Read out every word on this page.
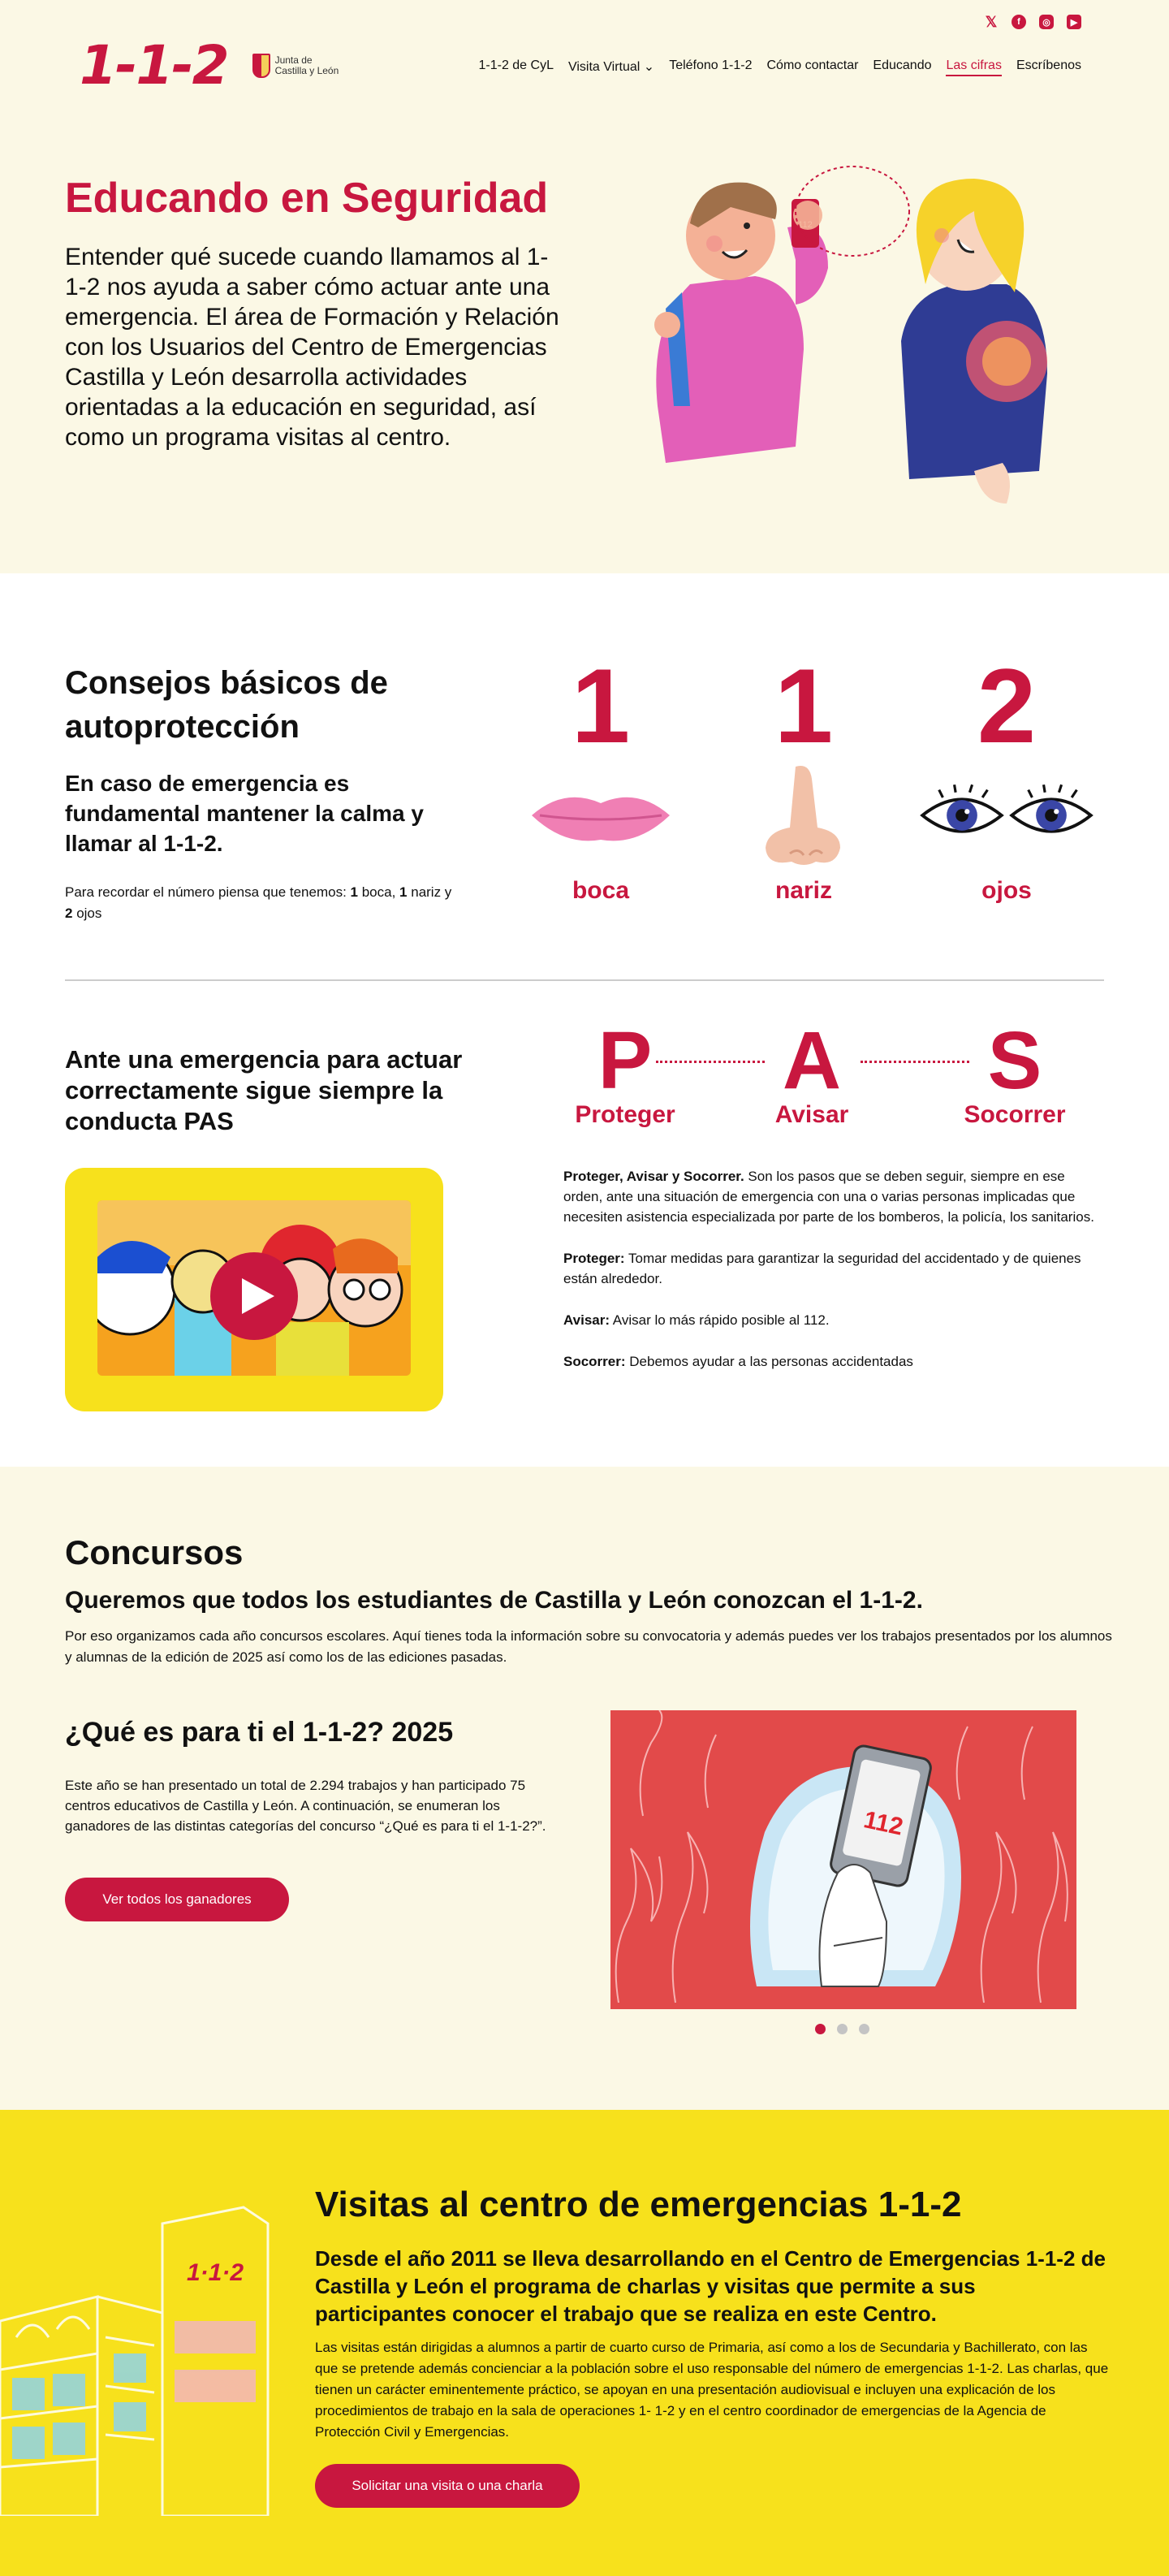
1-1-2	Junta de
Castilla y León
𝕏	f	◎	▶
1-1-2 de CyL Visita Virtual ⌄ Teléfono 1-1-2 Cómo contactar Educando Las cifras Escríbenos
Educando en Seguridad

Entender qué sucede cuando llamamos al 1-1-2 nos ayuda a saber cómo actuar ante una emergencia. El área de Formación y Relación con los Usuarios del Centro de Emergencias Castilla y León desarrolla actividades orientadas a la educación en seguridad, así como un programa visitas al centro.

Consejos básicos de autoprotección
En caso de emergencia es fundamental mantener la calma y llamar al 1-1-2.

Para recordar el número piensa que tenemos: 1 boca, 1 nariz y 2 ojos

1
boca
1
nariz
2
ojos
Ante una emergencia para actuar correctamente sigue siempre la conducta PAS
P
Proteger
A
Avisar
S
Socorrer

Proteger, Avisar y Socorrer. Son los pasos que se deben seguir, siempre en ese orden, ante una situación de emergencia con una o varias personas implicadas que necesiten asistencia especializada por parte de los bomberos, la policía, los sanitarios.

Proteger: Tomar medidas para garantizar la seguridad del accidentado y de quienes están alrededor.

Avisar: Avisar lo más rápido posible al 112.

Socorrer: Debemos ayudar a las personas accidentadas

Concursos
Queremos que todos los estudiantes de Castilla y León conozcan el 1-1-2.

Por eso organizamos cada año concursos escolares. Aquí tienes toda la información sobre su convocatoria y además puedes ver los trabajos presentados por los alumnos y alumnas de la edición de 2025 así como los de las ediciones pasadas.

¿Qué es para ti el 1-1-2? 2025

Este año se han presentado un total de 2.294 trabajos y han participado 75 centros educativos de Castilla y León. A continuación, se enumeran los ganadores de las distintas categorías del concurso “¿Qué es para ti el 1-1-2?”.

Ver todos los ganadores
112
1·1·2
Visitas al centro de emergencias 1-1-2
Desde el año 2011 se lleva desarrollando en el Centro de Emergencias 1-1-2 de Castilla y León el programa de charlas y visitas que permite a sus participantes conocer el trabajo que se realiza en este Centro.

Las visitas están dirigidas a alumnos a partir de cuarto curso de Primaria, así como a los de Secundaria y Bachillerato, con las que se pretende además concienciar a la población sobre el uso responsable del número de emergencias 1-1-2. Las charlas, que tienen un carácter eminentemente práctico, se apoyan en una presentación audiovisual e incluyen una explicación de los procedimientos de trabajo en la sala de operaciones 1- 1-2 y en el centro coordinador de emergencias de la Agencia de Protección Civil y Emergencias.

Solicitar una visita o una charla
